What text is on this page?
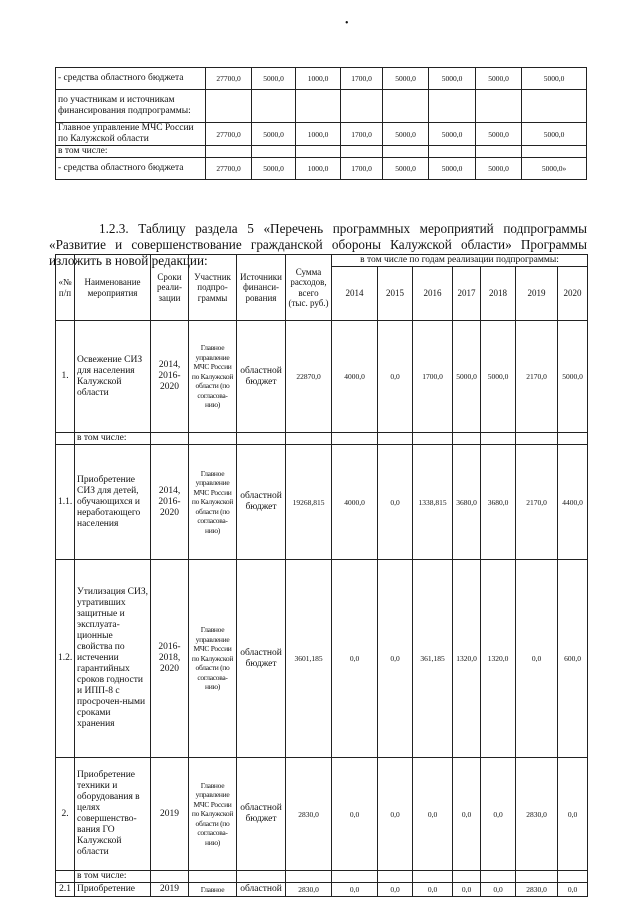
•
- средства областного бюджета	27700,0	5000,0	1000,0	1700,0	5000,0	5000,0	5000,0	5000,0
по участникам и источникам финансирования подпрограммы:								
Главное управление МЧС России по Калужской области	27700,0	5000,0	1000,0	1700,0	5000,0	5000,0	5000,0	5000,0
в том числе:								
- средства областного бюджета	27700,0	5000,0	1000,0	1700,0	5000,0	5000,0	5000,0	5000,0»

1.2.3. Таблицу раздела 5 «Перечень программных мероприятий подпрограммы «Развитие и совершенствование гражданской обороны Калужской области» Программы изложить в новой редакции:

«№ п/п	Наименование мероприятия	Сроки реали-зации	Участник подпро-граммы	Источники финанси-рования	Сумма расходов, всего (тыс. руб.)	в том числе по годам реализации подпрограммы:						
						2014	2015	2016	2017	2018	2019	2020
1.	Освежение СИЗ для населения Калужской области	2014, 2016-2020	Главное управление МЧС России по Калужской области (по согласова-нию)	областной бюджет	22870,0	4000,0	0,0	1700,0	5000,0	5000,0	2170,0	5000,0
	в том числе:											
1.1.	Приобретение СИЗ для детей, обучающихся и неработающего населения	2014, 2016-2020	Главное управление МЧС России по Калужской области (по согласова-нию)	областной бюджет	19268,815	4000,0	0,0	1338,815	3680,0	3680,0	2170,0	4400,0
1.2.	Утилизация СИЗ, утративших защитные и эксплуата-ционные свойства по истечении гарантийных сроков годности и ИПП-8 с просрочен-ными сроками хранения	2016-2018, 2020	Главное управление МЧС России по Калужской области (по согласова-нию)	областной бюджет	3601,185	0,0	0,0	361,185	1320,0	1320,0	0,0	600,0
2.	Приобретение техники и оборудования в целях совершенство-вания ГО Калужской области	2019	Главное управление МЧС России по Калужской области (по согласова-нию)	областной бюджет	2830,0	0,0	0,0	0,0	0,0	0,0	2830,0	0,0
	в том числе:											
2.1	Приобретение	2019	Главное	областной	2830,0	0,0	0,0	0,0	0,0	0,0	2830,0	0,0
